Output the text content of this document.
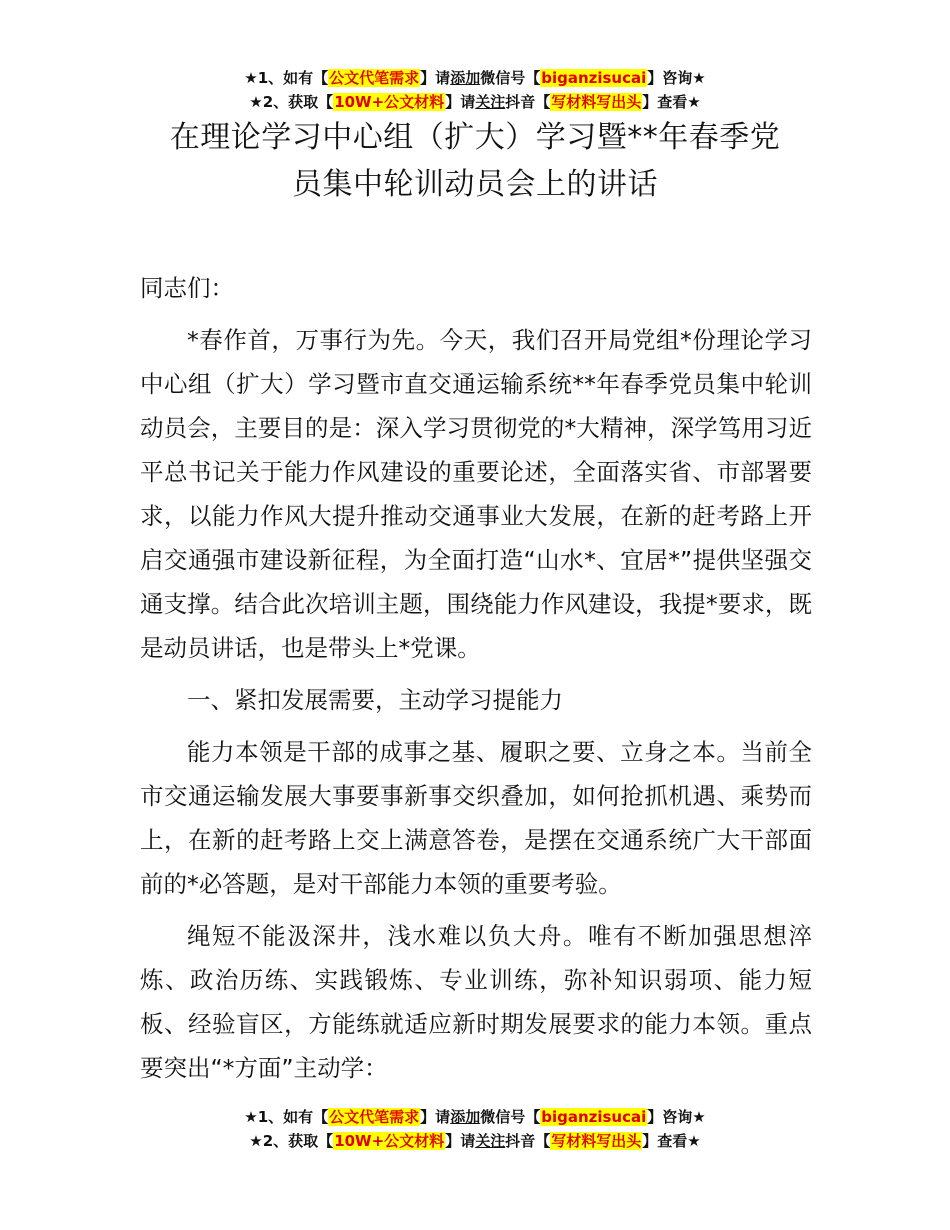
★1、如有【公文代笔需求】请添加微信号【biganzisucai】咨询★
★2、获取【10W+公文材料】请关注抖音【写材料写出头】查看★
在理论学习中心组（扩大）学习暨**年春季党
员集中轮训动员会上的讲话

同志们：

*春作首，万事行为先。今天，我们召开局党组*份理论学习中心组（扩大）学习暨市直交通运输系统**年春季党员集中轮训动员会，主要目的是：深入学习贯彻党的*大精神，深学笃用习近平总书记关于能力作风建设的重要论述，全面落实省、市部署要求，以能力作风大提升推动交通事业大发展，在新的赶考路上开启交通强市建设新征程，为全面打造“山水*、宜居*”提供坚强交通支撑。结合此次培训主题，围绕能力作风建设，我提*要求，既是动员讲话，也是带头上*党课。

一、紧扣发展需要，主动学习提能力

能力本领是干部的成事之基、履职之要、立身之本。当前全市交通运输发展大事要事新事交织叠加，如何抢抓机遇、乘势而上，在新的赶考路上交上满意答卷，是摆在交通系统广大干部面前的*必答题，是对干部能力本领的重要考验。

绳短不能汲深井，浅水难以负大舟。唯有不断加强思想淬炼、政治历练、实践锻炼、专业训练，弥补知识弱项、能力短板、经验盲区，方能练就适应新时期发展要求的能力本领。重点要突出“*方面”主动学：

★1、如有【公文代笔需求】请添加微信号【biganzisucai】咨询★
★2、获取【10W+公文材料】请关注抖音【写材料写出头】查看★
